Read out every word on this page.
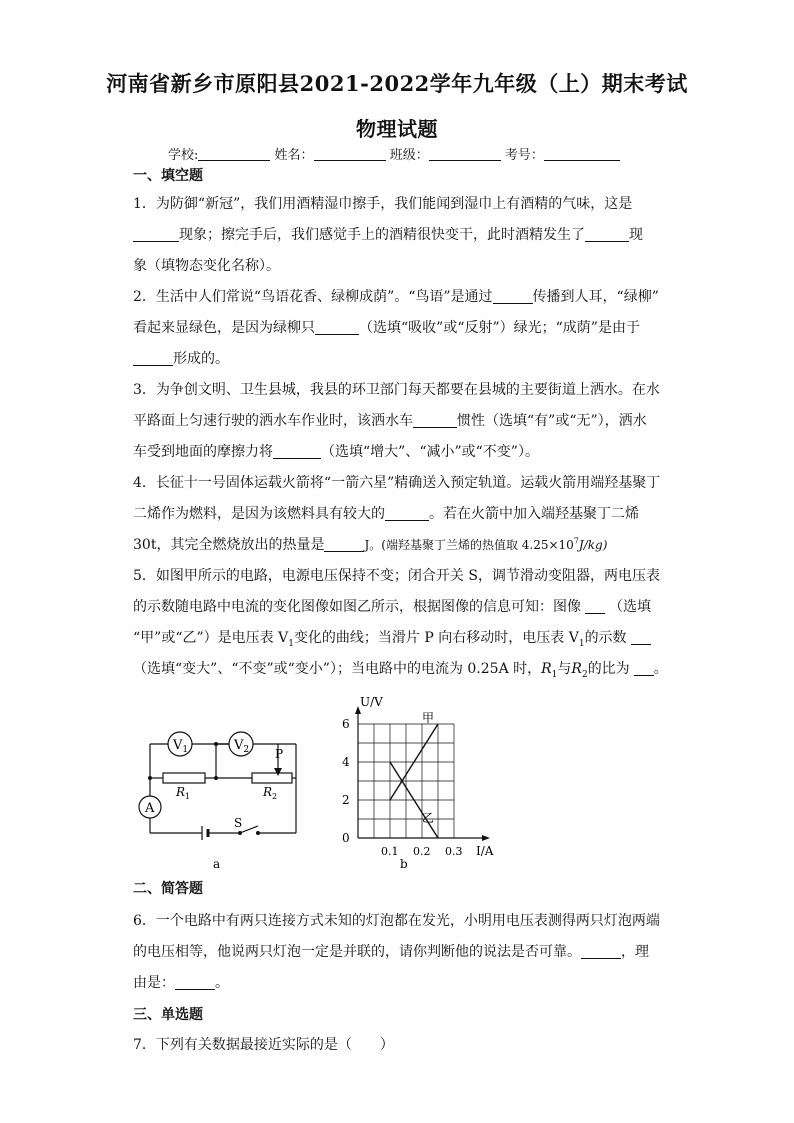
河南省新乡市原阳县2021-2022学年九年级（上）期末考试
物理试题
学校:	姓名：	班级：	考号：
一、填空题
1．为防御“新冠”，我们用酒精湿巾擦手，我们能闻到湿巾上有酒精的气味，这是
现象；擦完手后，我们感觉手上的酒精很快变干，此时酒精发生了	现
象（填物态变化名称）。
2．生活中人们常说“鸟语花香、绿柳成荫”。“鸟语”是通过	传播到人耳，“绿柳”
看起来显绿色，是因为绿柳只	（选填“吸收”或“反射”）绿光；“成荫”是由于
形成的。
3．为争创文明、卫生县城，我县的环卫部门每天都要在县城的主要街道上洒水。在水
平路面上匀速行驶的洒水车作业时，该洒水车	惯性（选填“有”或“无”），洒水
车受到地面的摩擦力将	（选填“增大”、“减小”或“不变”）。
4．长征十一号固体运载火箭将“一箭六星”精确送入预定轨道。运载火箭用端羟基聚丁
二烯作为燃料，是因为该燃料具有较大的	。若在火箭中加入端羟基聚丁二烯
30t，其完全燃烧放出的热量是	J。(端羟基聚丁兰烯的热值取 $4.25\times 10^7J/kg$)
5．如图甲所示的电路，电源电压保持不变；闭合开关 S，调节滑动变阻器，两电压表
的示数随电路中电流的变化图像如图乙所示，根据图像的信息可知：图像 （选填
“甲”或“乙”）是电压表 $V_1$变化的曲线；当滑片 P 向右移动时，电压表 $V_1$的示数
（选填“变大”、“不变”或“变小”）；当电路中的电流为 0.25A 时，$R_1$与$R_2$的比为 。
$V_1$	$V_2$
A
P
$R_1$	$R_2$
S
a
U/V
I/A
2
4
6
0
0.1 0.2 0.3
甲
乙
b
二、简答题
6．一个电路中有两只连接方式未知的灯泡都在发光，小明用电压表测得两只灯泡两端
的电压相等，他说两只灯泡一定是并联的，请你判断他的说法是否可靠。	，理
由是：	。
三、单选题
7．下列有关数据最接近实际的是（　　）
